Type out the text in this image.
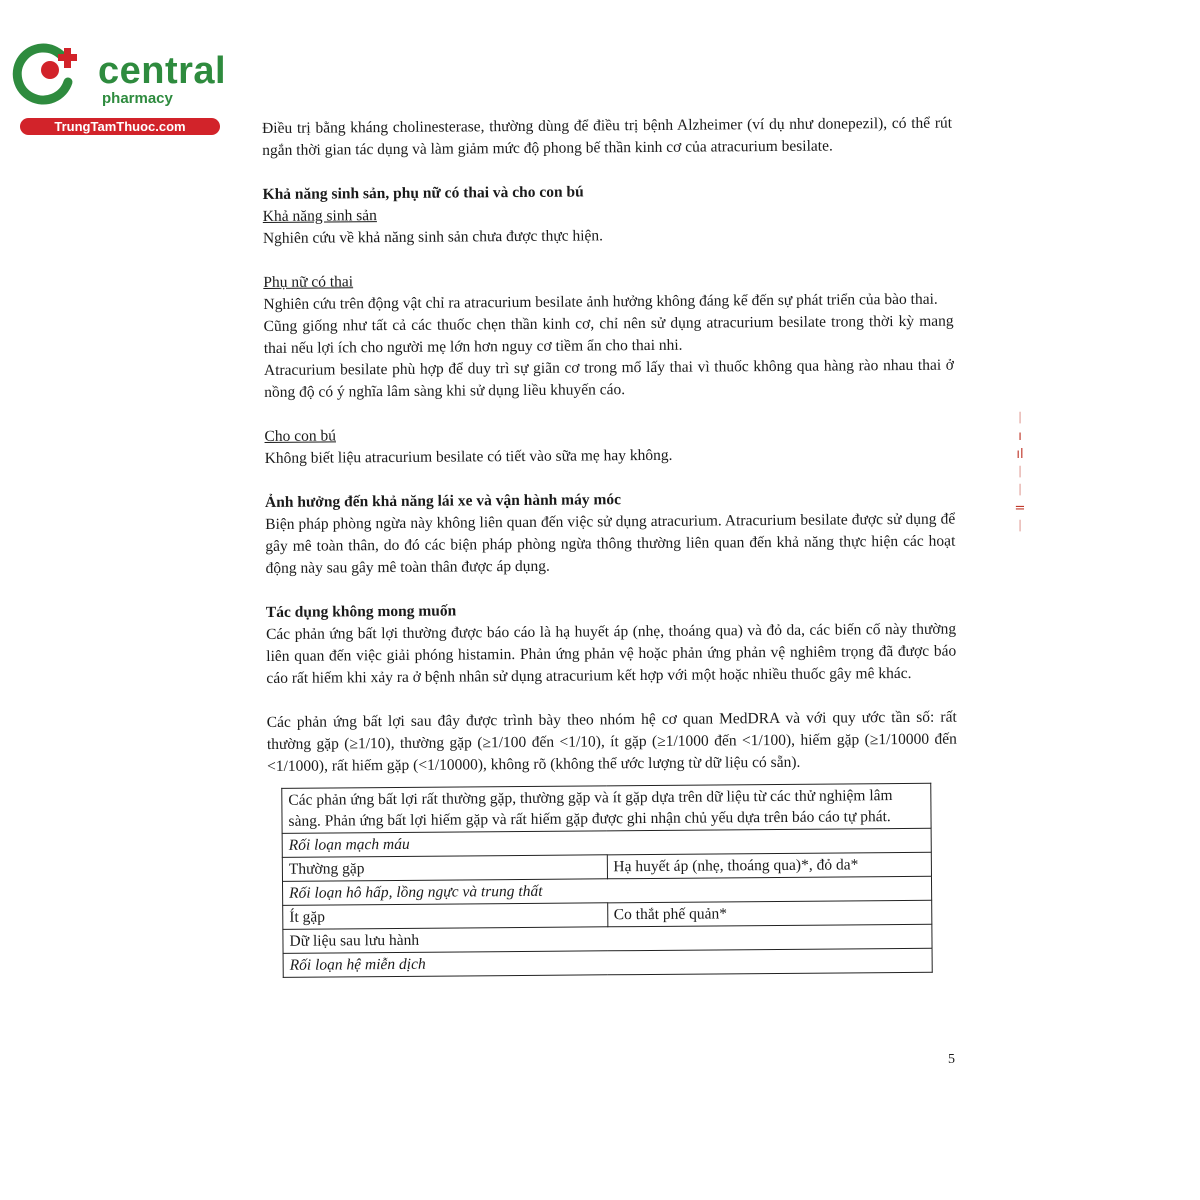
central
pharmacy
TrungTamThuoc.com
ᛁ
ı
ıl
ᛁ
ᛁ
=
ᛁ

Điều trị bằng kháng cholinesterase, thường dùng để điều trị bệnh Alzheimer (ví dụ như donepezil), có thể rút ngắn thời gian tác dụng và làm giảm mức độ phong bế thần kinh cơ của atracurium besilate.

Khả năng sinh sản, phụ nữ có thai và cho con bú

Khả năng sinh sản

Nghiên cứu về khả năng sinh sản chưa được thực hiện.

Phụ nữ có thai

Nghiên cứu trên động vật chỉ ra atracurium besilate ảnh hưởng không đáng kể đến sự phát triển của bào thai.

Cũng giống như tất cả các thuốc chẹn thần kinh cơ, chỉ nên sử dụng atracurium besilate trong thời kỳ mang thai nếu lợi ích cho người mẹ lớn hơn nguy cơ tiềm ẩn cho thai nhi.

Atracurium besilate phù hợp để duy trì sự giãn cơ trong mổ lấy thai vì thuốc không qua hàng rào nhau thai ở nồng độ có ý nghĩa lâm sàng khi sử dụng liều khuyến cáo.

Cho con bú

Không biết liệu atracurium besilate có tiết vào sữa mẹ hay không.

Ảnh hưởng đến khả năng lái xe và vận hành máy móc

Biện pháp phòng ngừa này không liên quan đến việc sử dụng atracurium. Atracurium besilate được sử dụng để gây mê toàn thân, do đó các biện pháp phòng ngừa thông thường liên quan đến khả năng thực hiện các hoạt động này sau gây mê toàn thân được áp dụng.

Tác dụng không mong muốn

Các phản ứng bất lợi thường được báo cáo là hạ huyết áp (nhẹ, thoáng qua) và đỏ da, các biến cố này thường liên quan đến việc giải phóng histamin. Phản ứng phản vệ hoặc phản ứng phản vệ nghiêm trọng đã được báo cáo rất hiếm khi xảy ra ở bệnh nhân sử dụng atracurium kết hợp với một hoặc nhiều thuốc gây mê khác.

Các phản ứng bất lợi sau đây được trình bày theo nhóm hệ cơ quan MedDRA và với quy ước tần số: rất thường gặp (≥1/10), thường gặp (≥1/100 đến <1/10), ít gặp (≥1/1000 đến <1/100), hiếm gặp (≥1/10000 đến <1/1000), rất hiếm gặp (<1/10000), không rõ (không thể ước lượng từ dữ liệu có sẵn).

Các phản ứng bất lợi rất thường gặp, thường gặp và ít gặp dựa trên dữ liệu từ các thử nghiệm lâm sàng. Phản ứng bất lợi hiếm gặp và rất hiếm gặp được ghi nhận chủ yếu dựa trên báo cáo tự phát.	
Rối loạn mạch máu	
Thường gặp	Hạ huyết áp (nhẹ, thoáng qua)*, đỏ da*
Rối loạn hô hấp, lồng ngực và trung thất	
Ít gặp	Co thắt phế quản*
Dữ liệu sau lưu hành	
Rối loạn hệ miễn dịch	
5
